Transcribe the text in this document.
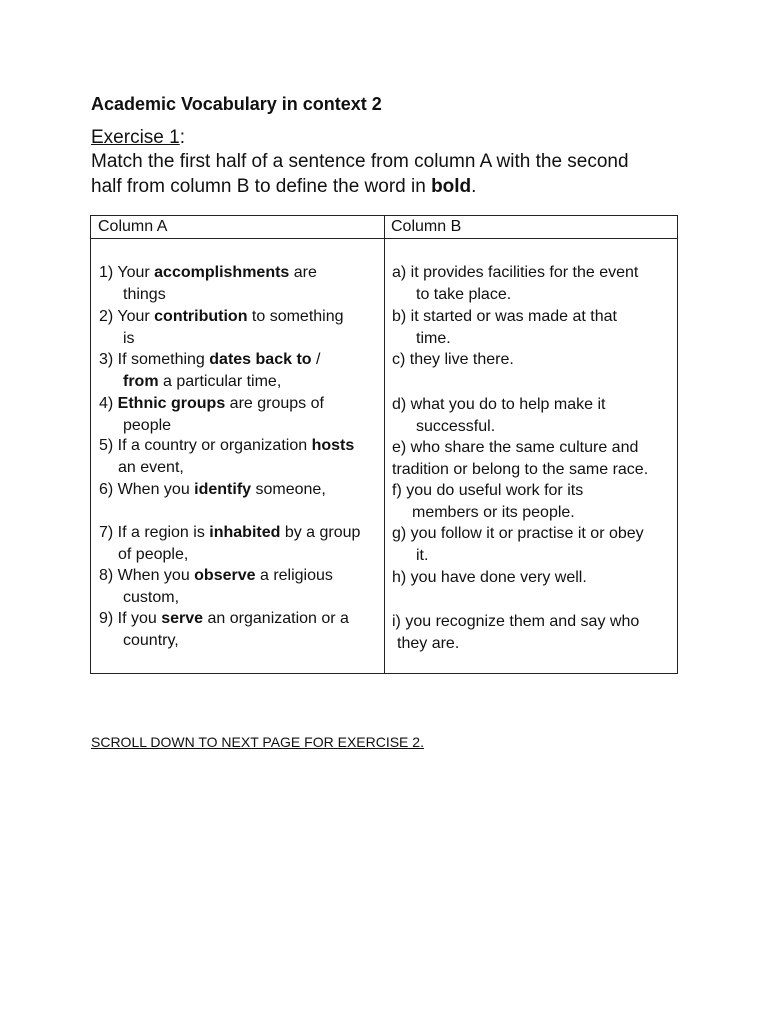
Academic Vocabulary in context 2
Exercise 1:
Match the first half of a sentence from column A with the second
half from column B to define the word in bold.
Column A	Column B
1) Your accomplishments are
things
2) Your contribution to something
is
3) If something dates back to /
from a particular time,
4) Ethnic groups are groups of
people
5) If a country or organization hosts
an event,
6) When you identify someone,
7) If a region is inhabited by a group
of people,
8) When you observe a religious
custom,
9) If you serve an organization or a
country,
a) it provides facilities for the event
to take place.
b) it started or was made at that
time.
c) they live there.
d) what you do to help make it
successful.
e) who share the same culture and
tradition or belong to the same race.
f) you do useful work for its
members or its people.
g) you follow it or practise it or obey
it.
h) you have done very well.
i) you recognize them and say who
they are.
SCROLL DOWN TO NEXT PAGE FOR EXERCISE 2.
